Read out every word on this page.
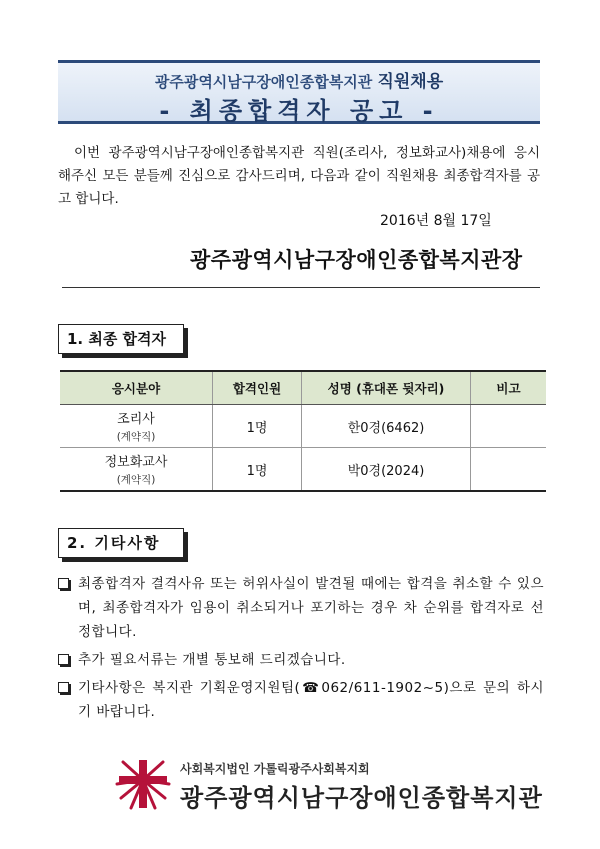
광주광역시남구장애인종합복지관 직원채용
- 최종합격자 공고 -
이번 광주광역시남구장애인종합복지관 직원(조리사, 정보화교사)채용에 응시 해주신 모든 분들께 진심으로 감사드리며, 다음과 같이 직원채용 최종합격자를 공고 합니다.
2016년 8월 17일
광주광역시남구장애인종합복지관장
1. 최종 합격자
응시분야	합격인원	성명 (휴대폰 뒷자리)	비고
조리사
(계약직)	1명	한0경(6462)	
정보화교사
(계약직)	1명	박0경(2024)	
2. 기타사항
최종합격자 결격사유 또는 허위사실이 발견될 때에는 합격을 취소할 수 있으며, 최종합격자가 임용이 취소되거나 포기하는 경우 차 순위를 합격자로 선정합니다.
추가 필요서류는 개별 통보해 드리겠습니다.
기타사항은 복지관 기획운영지원팀(☎062/611-1902~5)으로 문의 하시기 바랍니다.
사회복지법인 가톨릭광주사회복지회
광주광역시남구장애인종합복지관
